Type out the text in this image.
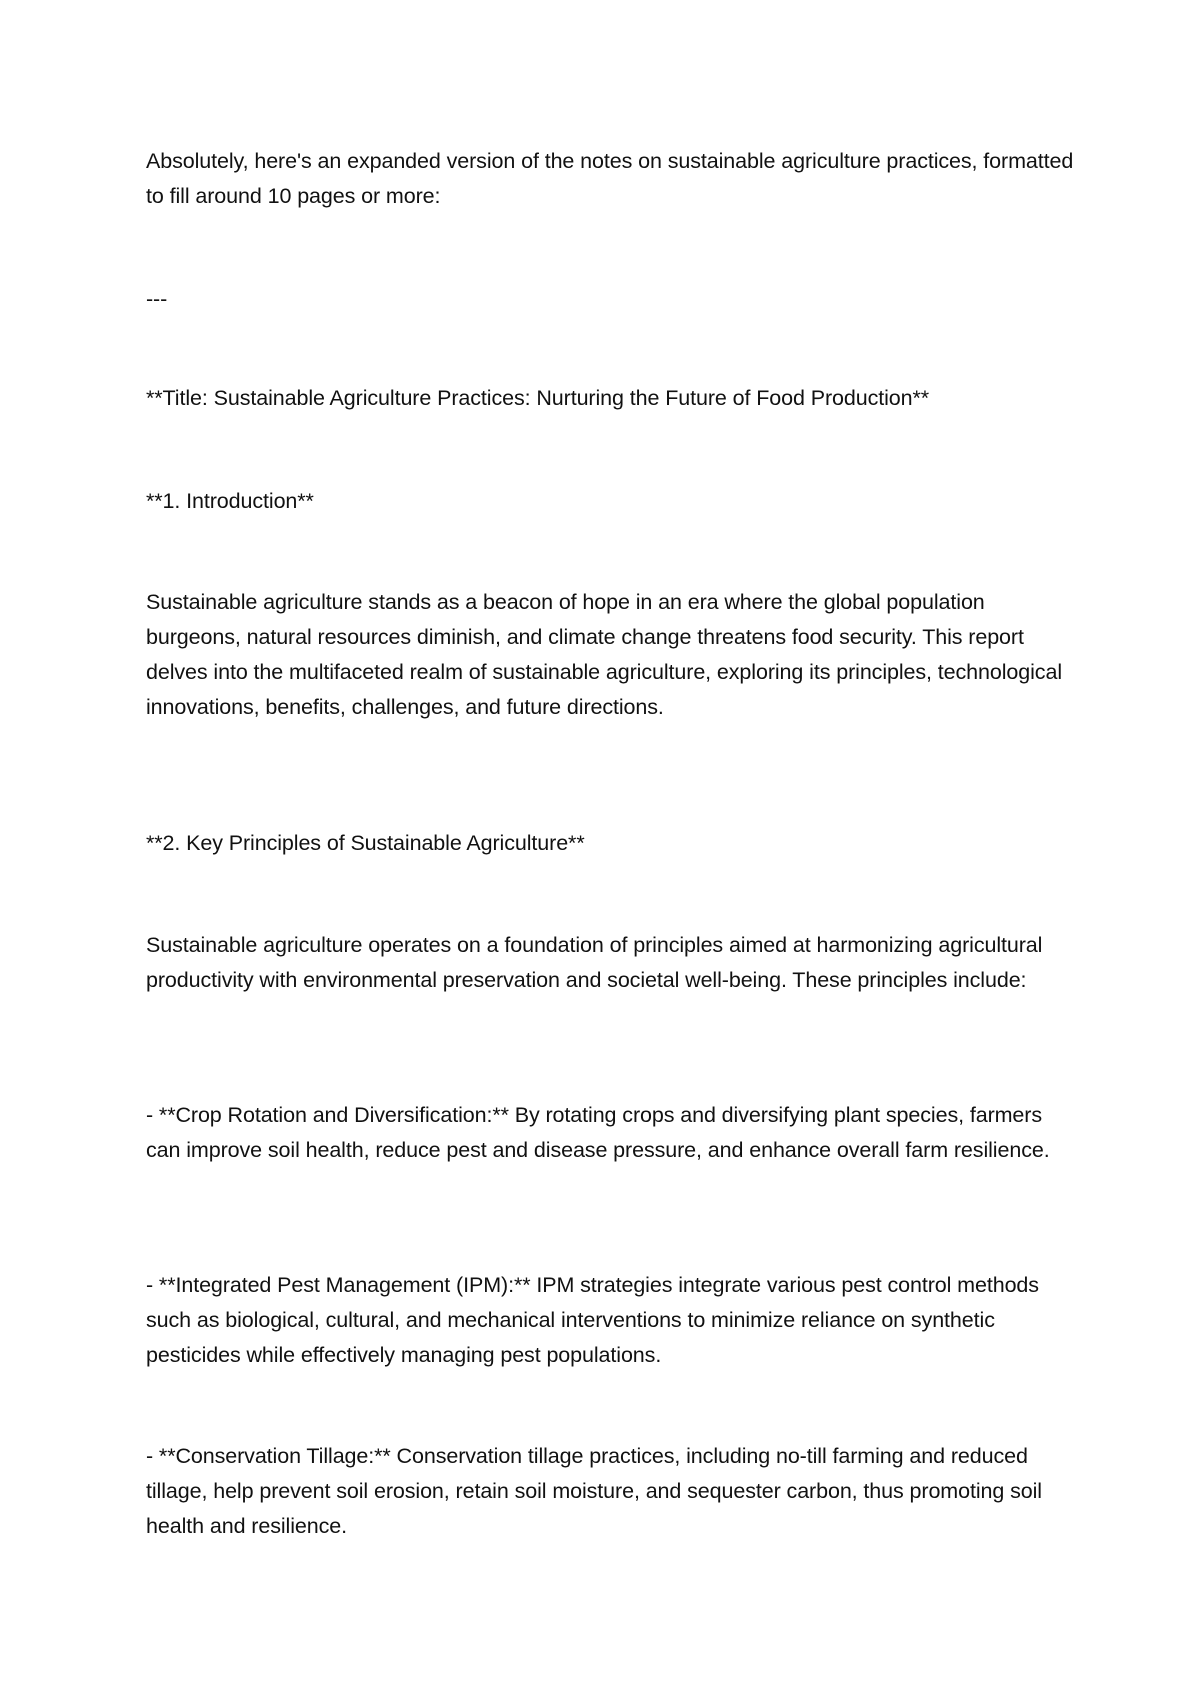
Absolutely, here's an expanded version of the notes on sustainable agriculture practices, formatted to fill around 10 pages or more:

---

**Title: Sustainable Agriculture Practices: Nurturing the Future of Food Production**

**1. Introduction**

Sustainable agriculture stands as a beacon of hope in an era where the global population burgeons, natural resources diminish, and climate change threatens food security. This report delves into the multifaceted realm of sustainable agriculture, exploring its principles, technological innovations, benefits, challenges, and future directions.

**2. Key Principles of Sustainable Agriculture**

Sustainable agriculture operates on a foundation of principles aimed at harmonizing agricultural productivity with environmental preservation and societal well-being. These principles include:

- **Crop Rotation and Diversification:** By rotating crops and diversifying plant species, farmers can improve soil health, reduce pest and disease pressure, and enhance overall farm resilience.

- **Integrated Pest Management (IPM):** IPM strategies integrate various pest control methods such as biological, cultural, and mechanical interventions to minimize reliance on synthetic pesticides while effectively managing pest populations.

- **Conservation Tillage:** Conservation tillage practices, including no-till farming and reduced tillage, help prevent soil erosion, retain soil moisture, and sequester carbon, thus promoting soil health and resilience.
